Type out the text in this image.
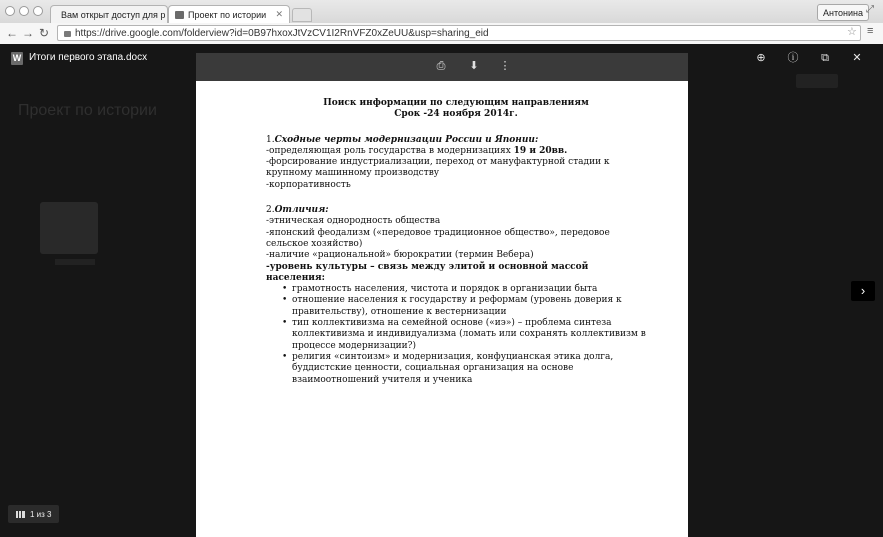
Вам открыт доступ для р	Проект по истории ✕	Антонина ⤢
← → ↻	https://drive.google.com/folderview?id=0B97hxoxJtVzCV1I2RnVFZ0xZeUU&usp=sharing_eid	☆ ≡
Проект по истории
W Итоги первого этапа.docx	⊕	ⓘ	⧉	✕
⎙ ⬇ ⋮

Поиск информации по следующим направлениям

Срок -24 ноября 2014г.

1.Сходные черты модернизации России и Японии:

-определяющая роль государства в модернизациях 19 и 20вв.

-форсирование индустриализации, переход от мануфактурной стадии к крупному машинному производству

-корпоративность

2.Отличия:

-этническая однородность общества

-японский феодализм («передовое традиционное общество», передовое сельское хозяйство)

-наличие «рациональной» бюрократии (термин Вебера)

-уровень культуры – связь между элитой и основной массой населения:

• грамотность населения, чистота и порядок в организации быта
• отношение населения к государству и реформам (уровень доверия к правительству), отношение к вестернизации
• тип коллективизма на семейной основе («иэ») – проблема синтеза коллективизма и индивидуализма (ломать или сохранять коллективизм в процессе модернизации?)
• религия «синтоизм» и модернизация, конфуцианская этика долга, буддистские ценности, социальная организация на основе взаимоотношений учителя и ученика
›
1 из 3
